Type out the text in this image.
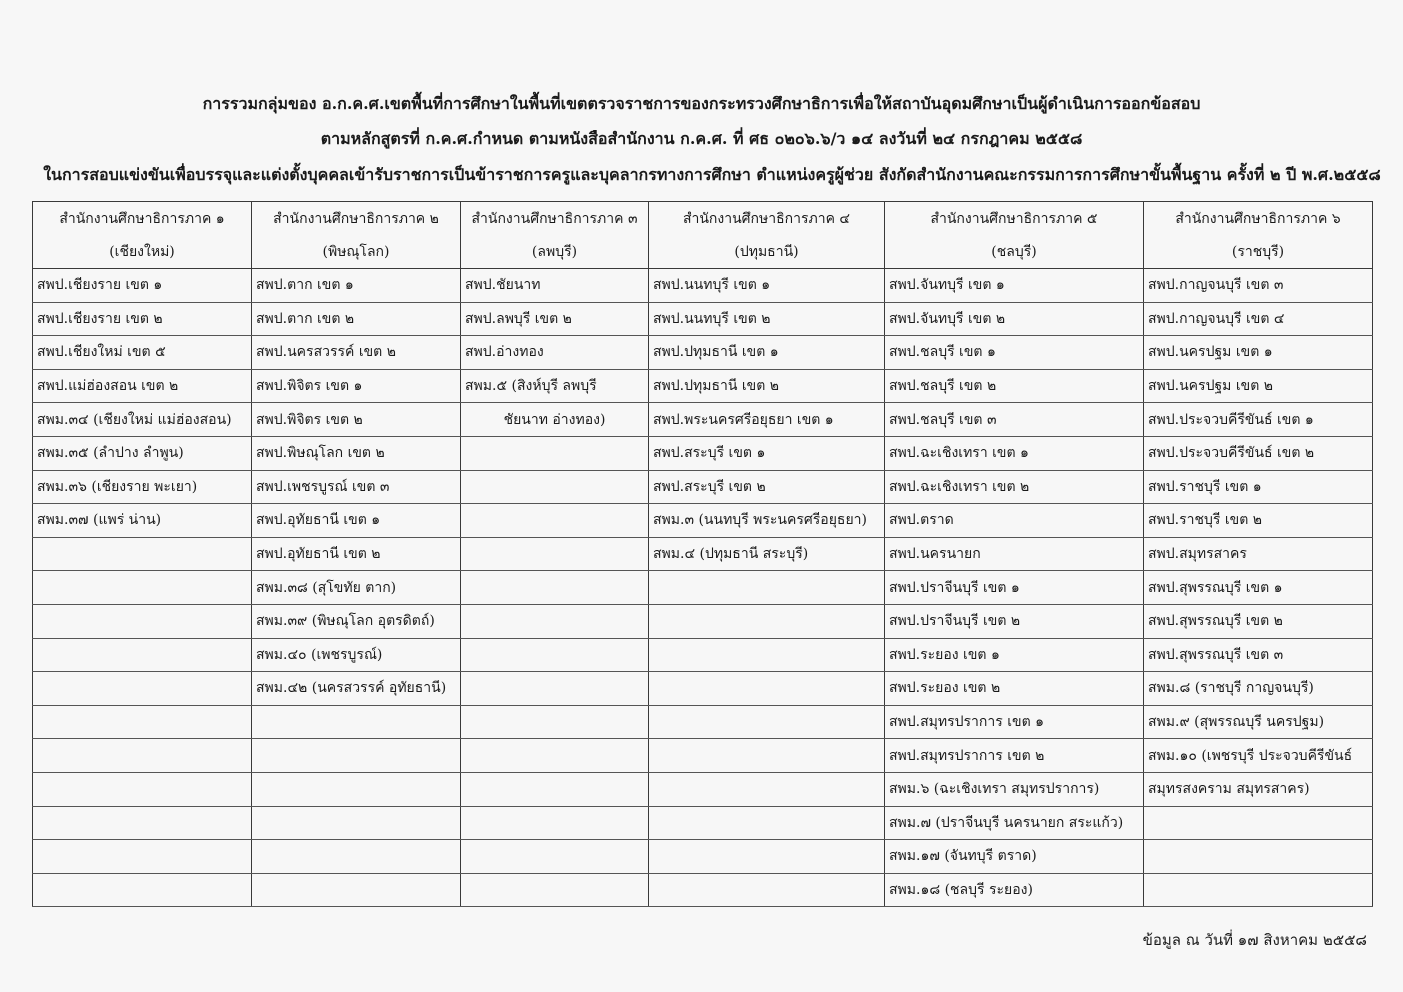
การรวมกลุ่มของ อ.ก.ค.ศ.เขตพื้นที่การศึกษาในพื้นที่เขตตรวจราชการของกระทรวงศึกษาธิการเพื่อให้สถาบันอุดมศึกษาเป็นผู้ดำเนินการออกข้อสอบ
ตามหลักสูตรที่ ก.ค.ศ.กำหนด ตามหนังสือสำนักงาน ก.ค.ศ. ที่ ศธ ๐๒๐๖.๖/ว ๑๔ ลงวันที่ ๒๔ กรกฎาคม ๒๕๕๘
ในการสอบแข่งขันเพื่อบรรจุและแต่งตั้งบุคคลเข้ารับราชการเป็นข้าราชการครูและบุคลากรทางการศึกษา ตำแหน่งครูผู้ช่วย สังกัดสำนักงานคณะกรรมการการศึกษาขั้นพื้นฐาน ครั้งที่ ๒ ปี พ.ศ.๒๕๕๘
สำนักงานศึกษาธิการภาค ๑	สำนักงานศึกษาธิการภาค ๒	สำนักงานศึกษาธิการภาค ๓	สำนักงานศึกษาธิการภาค ๔	สำนักงานศึกษาธิการภาค ๕	สำนักงานศึกษาธิการภาค ๖
(เชียงใหม่)	(พิษณุโลก)	(ลพบุรี)	(ปทุมธานี)	(ชลบุรี)	(ราชบุรี)
สพป.เชียงราย เขต ๑	สพป.ตาก เขต ๑	สพป.ชัยนาท	สพป.นนทบุรี เขต ๑	สพป.จันทบุรี เขต ๑	สพป.กาญจนบุรี เขต ๓
สพป.เชียงราย เขต ๒	สพป.ตาก เขต ๒	สพป.ลพบุรี เขต ๒	สพป.นนทบุรี เขต ๒	สพป.จันทบุรี เขต ๒	สพป.กาญจนบุรี เขต ๔
สพป.เชียงใหม่ เขต ๕	สพป.นครสวรรค์ เขต ๒	สพป.อ่างทอง	สพป.ปทุมธานี เขต ๑	สพป.ชลบุรี เขต ๑	สพป.นครปฐม เขต ๑
สพป.แม่ฮ่องสอน เขต ๒	สพป.พิจิตร เขต ๑	สพม.๕ (สิงห์บุรี ลพบุรี	สพป.ปทุมธานี เขต ๒	สพป.ชลบุรี เขต ๒	สพป.นครปฐม เขต ๒
สพม.๓๔ (เชียงใหม่ แม่ฮ่องสอน)	สพป.พิจิตร เขต ๒	ชัยนาท อ่างทอง)	สพป.พระนครศรีอยุธยา เขต ๑	สพป.ชลบุรี เขต ๓	สพป.ประจวบคีรีขันธ์ เขต ๑
สพม.๓๕ (ลำปาง ลำพูน)	สพป.พิษณุโลก เขต ๒		สพป.สระบุรี เขต ๑	สพป.ฉะเชิงเทรา เขต ๑	สพป.ประจวบคีรีขันธ์ เขต ๒
สพม.๓๖ (เชียงราย พะเยา)	สพป.เพชรบูรณ์ เขต ๓		สพป.สระบุรี เขต ๒	สพป.ฉะเชิงเทรา เขต ๒	สพป.ราชบุรี เขต ๑
สพม.๓๗ (แพร่ น่าน)	สพป.อุทัยธานี เขต ๑		สพม.๓ (นนทบุรี พระนครศรีอยุธยา)	สพป.ตราด	สพป.ราชบุรี เขต ๒
	สพป.อุทัยธานี เขต ๒		สพม.๔ (ปทุมธานี สระบุรี)	สพป.นครนายก	สพป.สมุทรสาคร
	สพม.๓๘ (สุโขทัย ตาก)			สพป.ปราจีนบุรี เขต ๑	สพป.สุพรรณบุรี เขต ๑
	สพม.๓๙ (พิษณุโลก อุตรดิตถ์)			สพป.ปราจีนบุรี เขต ๒	สพป.สุพรรณบุรี เขต ๒
	สพม.๔๐ (เพชรบูรณ์)			สพป.ระยอง เขต ๑	สพป.สุพรรณบุรี เขต ๓
	สพม.๔๒ (นครสวรรค์ อุทัยธานี)			สพป.ระยอง เขต ๒	สพม.๘ (ราชบุรี กาญจนบุรี)
				สพป.สมุทรปราการ เขต ๑	สพม.๙ (สุพรรณบุรี นครปฐม)
				สพป.สมุทรปราการ เขต ๒	สพม.๑๐ (เพชรบุรี ประจวบคีรีขันธ์
				สพม.๖ (ฉะเชิงเทรา สมุทรปราการ)	สมุทรสงคราม สมุทรสาคร)
				สพม.๗ (ปราจีนบุรี นครนายก สระแก้ว)	
				สพม.๑๗ (จันทบุรี ตราด)	
				สพม.๑๘ (ชลบุรี ระยอง)	
ข้อมูล ณ วันที่ ๑๗ สิงหาคม ๒๕๕๘
